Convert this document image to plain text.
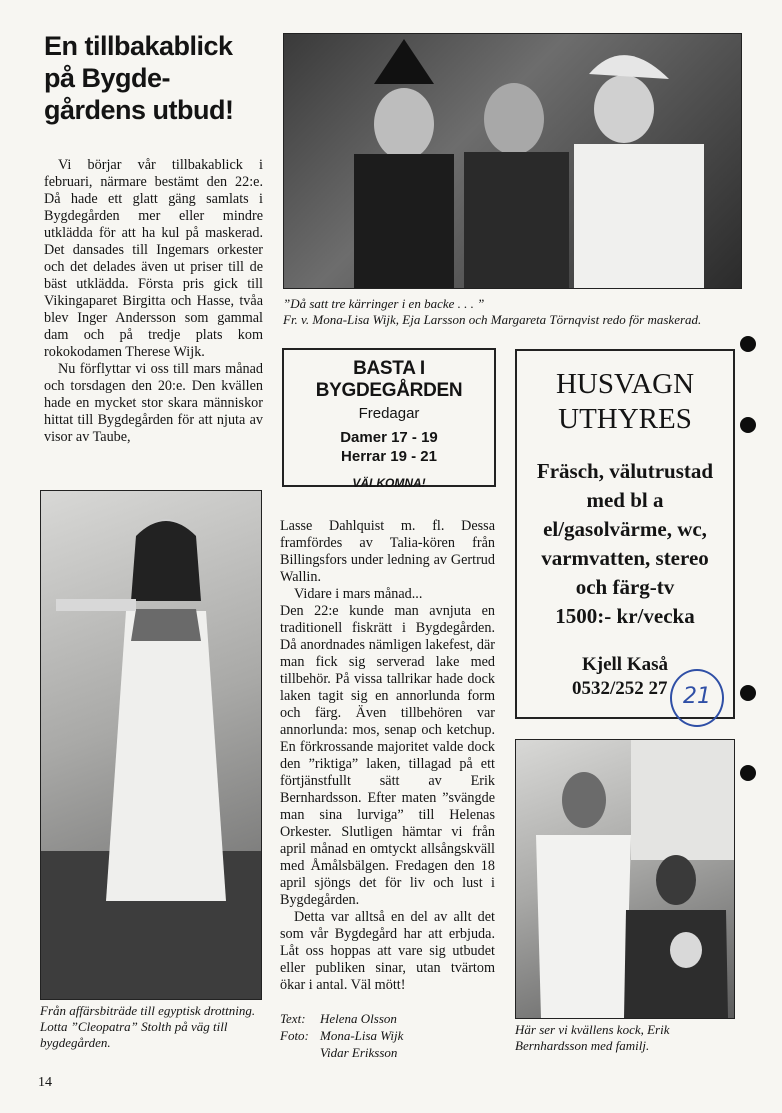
En tillbakablick
på Bygde-
gårdens utbud!

Vi börjar vår tillbakablick i februari, närmare bestämt den 22:e. Då hade ett glatt gäng samlats i Bygdegården mer eller mindre utklädda för att ha kul på maskerad. Det dansades till Ingemars orkester och det delades även ut priser till de bäst utklädda. Första pris gick till Vikingaparet Birgitta och Hasse, tvåa blev Inger Andersson som gammal dam och på tredje plats kom rokokodamen Therese Wijk.

Nu förflyttar vi oss till mars månad och torsdagen den 20:e. Den kvällen hade en mycket stor skara människor hittat till Bygdegården för att njuta av visor av Taube,

”Då satt tre kärringer i en backe . . . ”
Fr. v. Mona-Lisa Wijk, Eja Larsson och Margareta Törnqvist redo för maskerad.
BASTA I BYGDEGÅRDEN
Fredagar
Damer 17 - 19
Herrar 19 - 21
VÄLKOMNA!
HUSVAGN
UTHYRES
Fräsch, välutrustad
med bl a
el/gasolvärme, wc,
varmvatten, stereo
och färg-tv
1500:- kr/vecka
Kjell Kaså
0532/252 27 21

Lasse Dahlquist m. fl. Dessa framfördes av Talia-kören från Billingsfors under ledning av Gertrud Wallin.

Vidare i mars månad...

Den 22:e kunde man avnjuta en traditionell fiskrätt i Bygdegården. Då anordnades nämligen lakefest, där man fick sig serverad lake med tillbehör. På vissa tallrikar hade dock laken tagit sig en annorlunda form och färg. Även tillbehören var annorlunda: mos, senap och ketchup. En förkrossande majoritet valde dock den ”riktiga” laken, tillagad på ett förtjänstfullt sätt av Erik Bernhardsson. Efter maten ”svängde man sina lurviga” till Helenas Orkester. Slutligen hämtar vi från april månad en omtyckt allsångskväll med Åmålsbälgen. Fredagen den 18 april sjöngs det för liv och lust i Bygdegården.

Detta var alltså en del av allt det som vår Bygdegård har att erbjuda. Låt oss hoppas att vare sig utbudet eller publiken sinar, utan tvärtom ökar i antal. Väl mött!

Text:	Helena Olsson
Foto: Mona-Lisa Wijk
Vidar Eriksson
Från affärsbiträde till egyptisk drottning. Lotta ”Cleopatra” Stolth på väg till bygdegården.
Här ser vi kvällens kock, Erik Bernhardsson med familj.
14
